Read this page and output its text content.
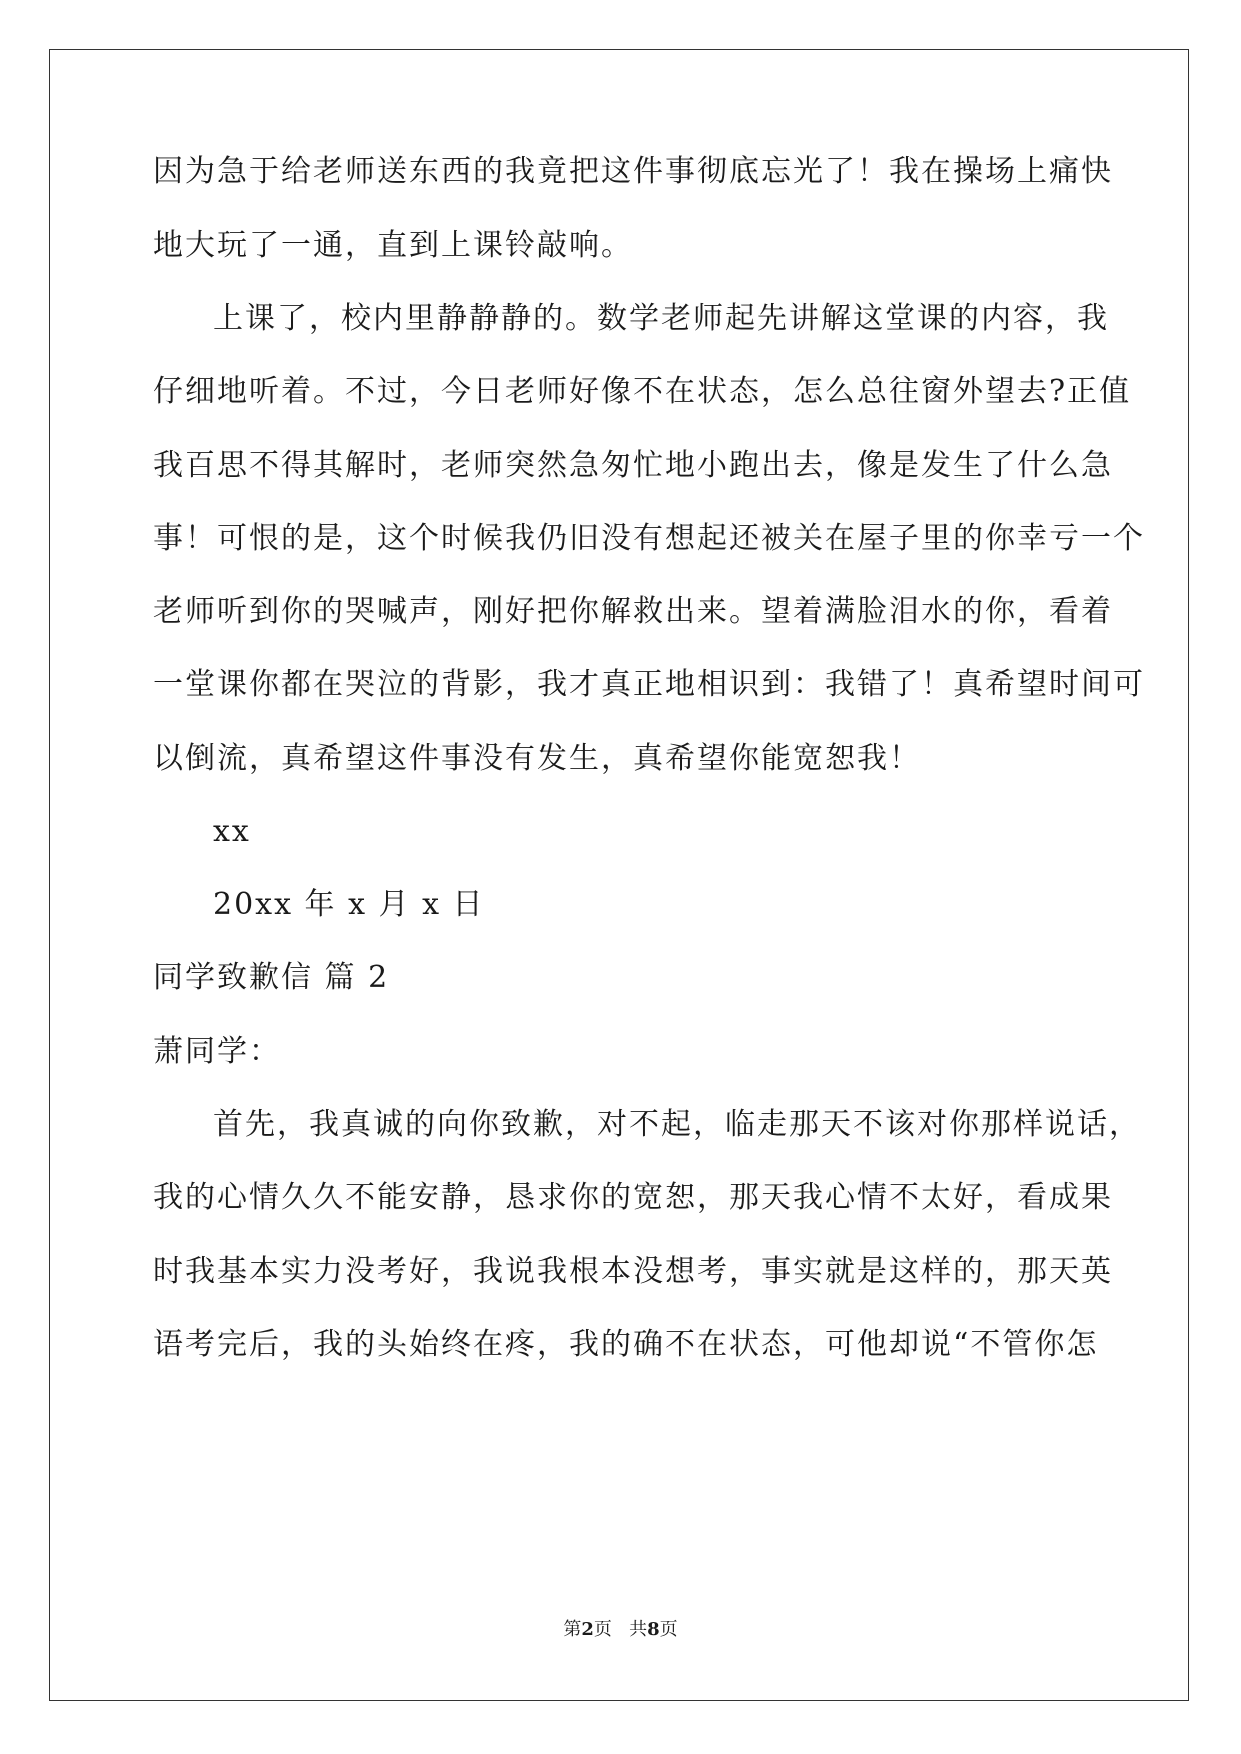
因为急于给老师送东西的我竟把这件事彻底忘光了！我在操场上痛快
地大玩了一通，直到上课铃敲响。
上课了，校内里静静静的。数学老师起先讲解这堂课的内容，我
仔细地听着。不过，今日老师好像不在状态，怎么总往窗外望去?正值
我百思不得其解时，老师突然急匆忙地小跑出去，像是发生了什么急
事！可恨的是，这个时候我仍旧没有想起还被关在屋子里的你幸亏一个
老师听到你的哭喊声，刚好把你解救出来。望着满脸泪水的你，看着
一堂课你都在哭泣的背影，我才真正地相识到：我错了！真希望时间可
以倒流，真希望这件事没有发生，真希望你能宽恕我！
xx
20xx 年 x 月 x 日
同学致歉信 篇 2
萧同学：
首先，我真诚的向你致歉，对不起，临走那天不该对你那样说话，
我的心情久久不能安静，恳求你的宽恕，那天我心情不太好，看成果
时我基本实力没考好，我说我根本没想考，事实就是这样的，那天英
语考完后，我的头始终在疼，我的确不在状态，可他却说“不管你怎
第2页 共8页
